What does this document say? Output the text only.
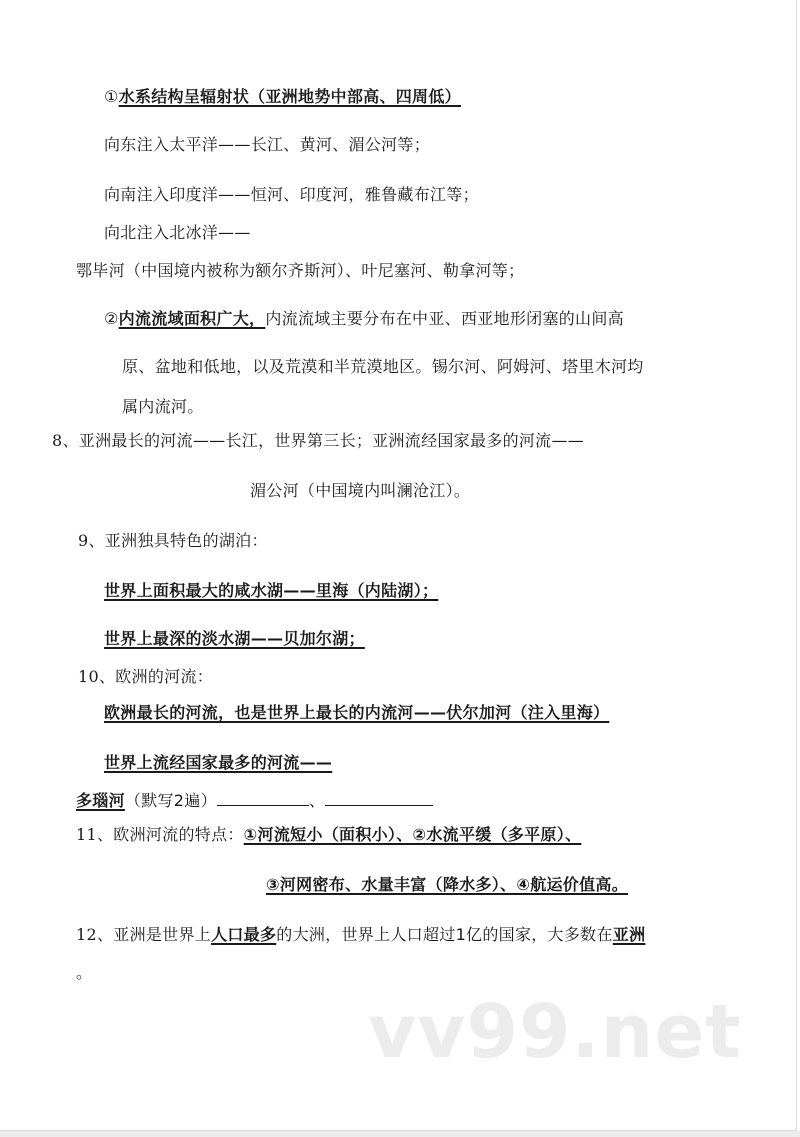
①水系结构呈辐射状（亚洲地势中部高、四周低）
向东注入太平洋——长江、黄河、湄公河等；
向南注入印度洋——恒河、印度河，雅鲁藏布江等；
向北注入北冰洋——
鄂毕河（中国境内被称为额尔齐斯河）、叶尼塞河、勒拿河等；
②内流流域面积广大，内流流域主要分布在中亚、西亚地形闭塞的山间高
原、盆地和低地，以及荒漠和半荒漠地区。锡尔河、阿姆河、塔里木河均
属内流河。
8、亚洲最长的河流——长江，世界第三长；亚洲流经国家最多的河流——
湄公河（中国境内叫澜沧江）。
9、亚洲独具特色的湖泊：
世界上面积最大的咸水湖——里海（内陆湖）；
世界上最深的淡水湖——贝加尔湖；
10、欧洲的河流：
欧洲最长的河流，也是世界上最长的内流河——伏尔加河（注入里海）
世界上流经国家最多的河流——
多瑙河（默写2遍）	、
11、欧洲河流的特点：①河流短小（面积小）、②水流平缓（多平原）、
③河网密布、水量丰富（降水多）、④航运价值高。
12、亚洲是世界上人口最多的大洲，世界上人口超过1亿的国家，大多数在亚洲
。
vv99.net
